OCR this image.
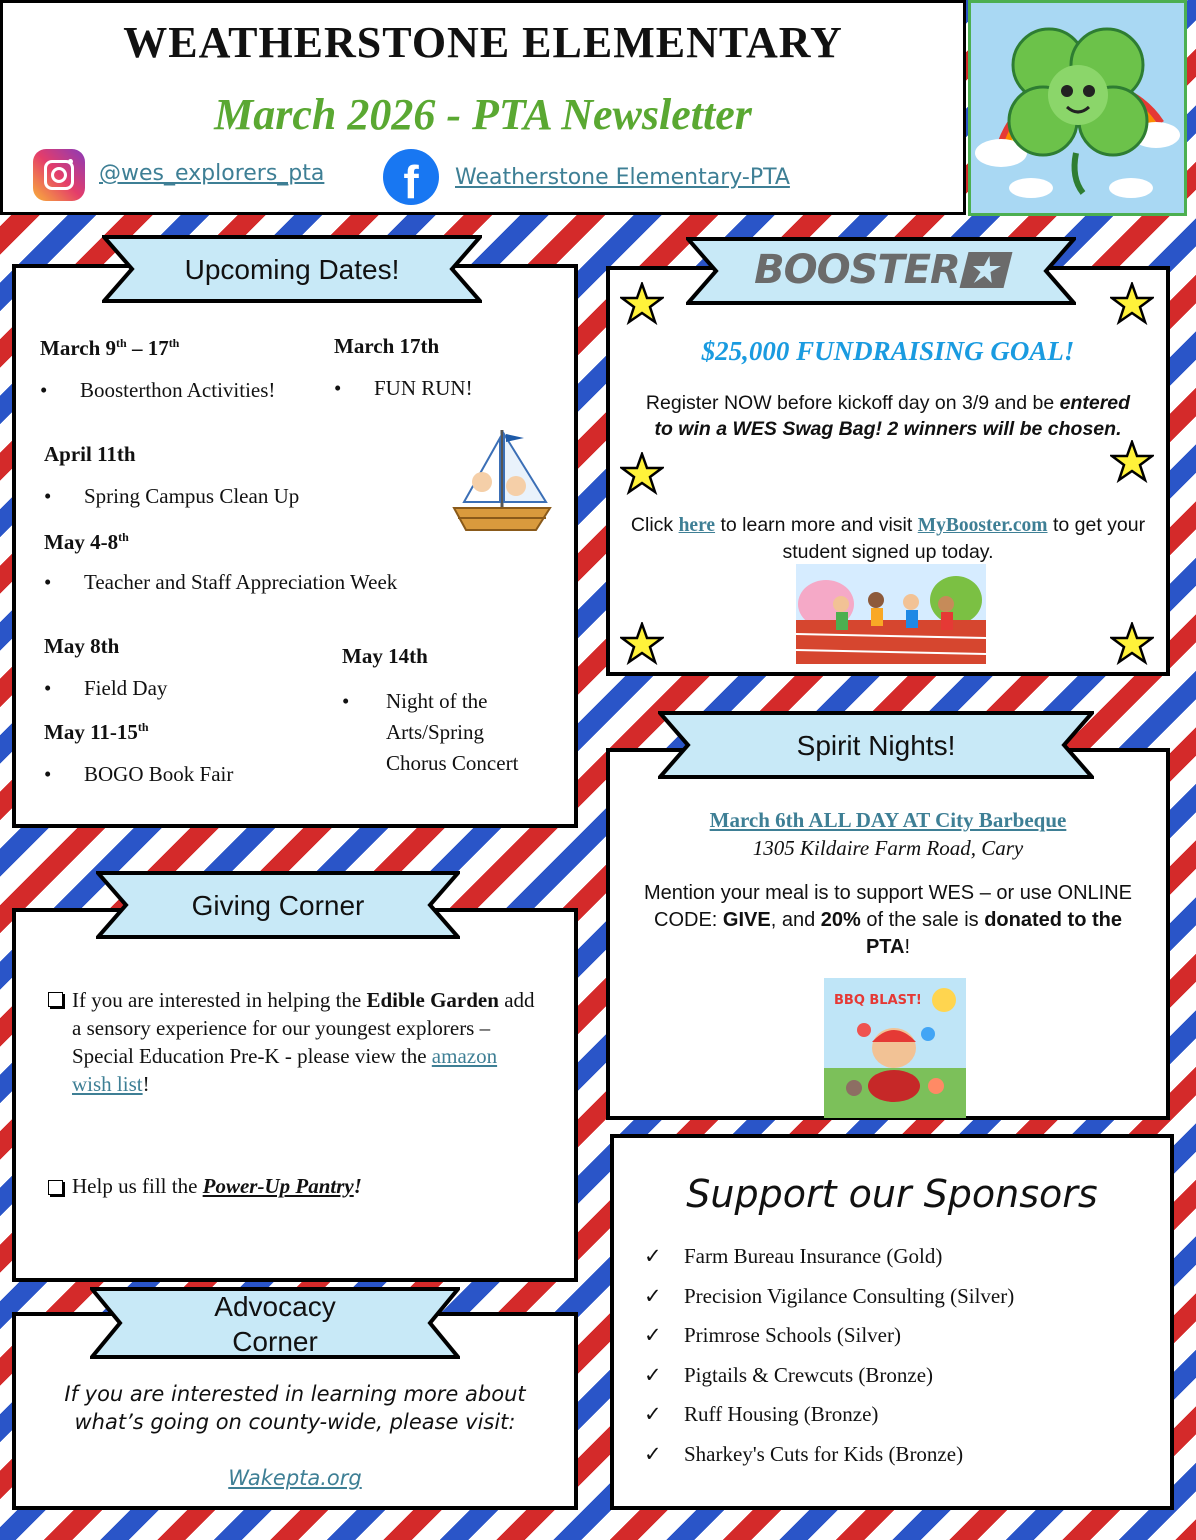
WEATHERSTONE ELEMENTARY
March 2026 - PTA Newsletter
@wes_explorers_pta	f	Weatherstone Elementary-PTA
March 9th – 17th
• Boosterthon Activities!
March 17th
• FUN RUN!
April 11th
• Spring Campus Clean Up
May 4-8th
• Teacher and Staff Appreciation Week
May 8th
• Field Day
May 11-15th
• BOGO Book Fair
May 14th
•	Night of the Arts/Spring Chorus Concert
Upcoming Dates!
$25,000 FUNDRAISING GOAL!
Register NOW before kickoff day on 3/9 and be entered to win a WES Swag Bag! 2 winners will be chosen.
Click here to learn more and visit MyBooster.com to get your student signed up today.
BOOSTER
March 6th ALL DAY AT City Barbeque
1305 Kildaire Farm Road, Cary
Mention your meal is to support WES – or use ONLINE CODE: GIVE, and 20% of the sale is donated to the PTA!
BBQ BLAST!
Spirit Nights!
If you are interested in helping the Edible Garden add a sensory experience for our youngest explorers – Special Education Pre-K - please view the amazon wish list!
Help us fill the Power-Up Pantry!
Giving Corner
If you are interested in learning more about what’s going on county-wide, please visit:
Wakepta.org
Advocacy Corner
Support our Sponsors
✓ Farm Bureau Insurance (Gold)
✓ Precision Vigilance Consulting (Silver)
✓ Primrose Schools (Silver)
✓ Pigtails & Crewcuts (Bronze)
✓ Ruff Housing (Bronze)
✓ Sharkey's Cuts for Kids (Bronze)
